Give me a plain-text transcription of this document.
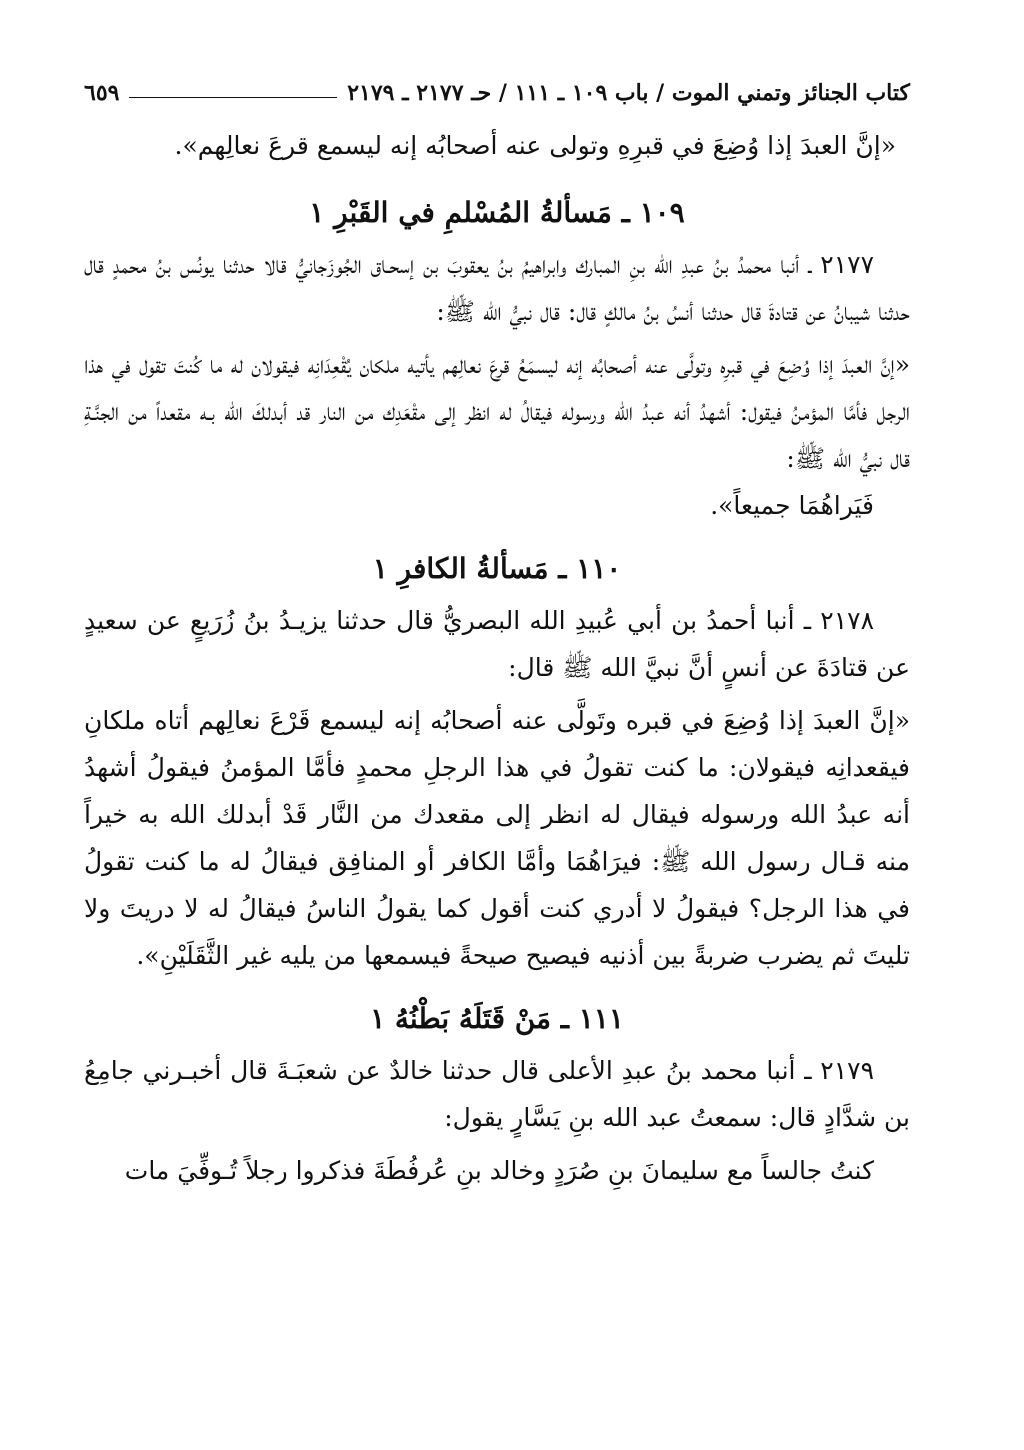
كتاب الجنائز وتمني الموت / باب ١٠٩ ـ ١١١ / حـ ٢١٧٧ ـ ٢١٧٩
٦٥٩

«إنَّ العبدَ إذا وُضِعَ في قبرِهِ وتولى عنه أصحابُه إنه ليسمع قرعَ نعالِهم».

١٠٩ ـ مَسألةُ المُسْلمِ في القَبْرِ ١

٢١٧٧ ـ أنبا محمدُ بنُ عبدِ الله بنِ المبارك وابراهيمُ بنُ يعقوبَ بن إسحـاق الجُوزَجانيُّ قالا حدثنا يونُس بنُ محمدٍ قال حدثنا شيبانُ عن قتادةَ قال حدثنا أنسُ بنُ مالكٍ قال: قال نبيُّ الله ﷺ:

«إنَّ العبدَ إذا وُضِعَ في قبرِه وتولَّى عنه أصحابُه إنه ليسمَعُ قرعَ نعالِهم يأتيه ملكان يُقْعِدَانِه فيقولان له ما كُنتَ تقول في هذا الرجل فأمَّا المؤمنُ فيقول: أشهدُ أنه عبدُ الله ورسوله فيقالُ له انظر إلى مقْعَدِك من النار قد أبدلكَ الله بـه مقعداً من الجنَّـةِ قال نبيُّ الله ﷺ:

فَيَراهُمَا جميعاً».

١١٠ ـ مَسألةُ الكافرِ ١

٢١٧٨ ـ أنبا أحمدُ بن أبي عُبيدِ الله البصريُّ قال حدثنا يزيـدُ بنُ زُرَيعٍ عن سعيدٍ عن قتادَةَ عن أنسٍ أنَّ نبيَّ الله ﷺ قال:

«إنَّ العبدَ إذا وُضِعَ في قبره وتَولَّى عنه أصحابُه إنه ليسمع قَرْعَ نعالِهم أتاه ملكانِ فيقعدانِه فيقولان: ما كنت تقولُ في هذا الرجلِ محمدٍ فأمَّا المؤمنُ فيقولُ أشهدُ أنه عبدُ الله ورسوله فيقال له انظر إلى مقعدك من النَّار قَدْ أبدلك الله به خيراً منه قـال رسول الله ﷺ: فيرَاهُمَا وأمَّا الكافر أو المنافِق فيقالُ له ما كنت تقولُ في هذا الرجل؟ فيقولُ لا أدري كنت أقول كما يقولُ الناسُ فيقالُ له لا دريتَ ولا تليتَ ثم يضرب ضربةً بين أذنيه فيصيح صيحةً فيسمعها من يليه غير الثَّقَلَيْنِ».

١١١ ـ مَنْ قَتَلَهُ بَطْنُهُ ١

٢١٧٩ ـ أنبا محمد بنُ عبدِ الأعلى قال حدثنا خالدٌ عن شعبَـةَ قال أخبـرني جامِعُ بن شدَّادٍ قال: سمعتُ عبد الله بنِ يَسَّارٍ يقول:

كنتُ جالساً مع سليمانَ بنِ صُرَدٍ وخالد بنِ عُرفُطَةَ فذكروا رجلاً تُـوفِّيَ مات
